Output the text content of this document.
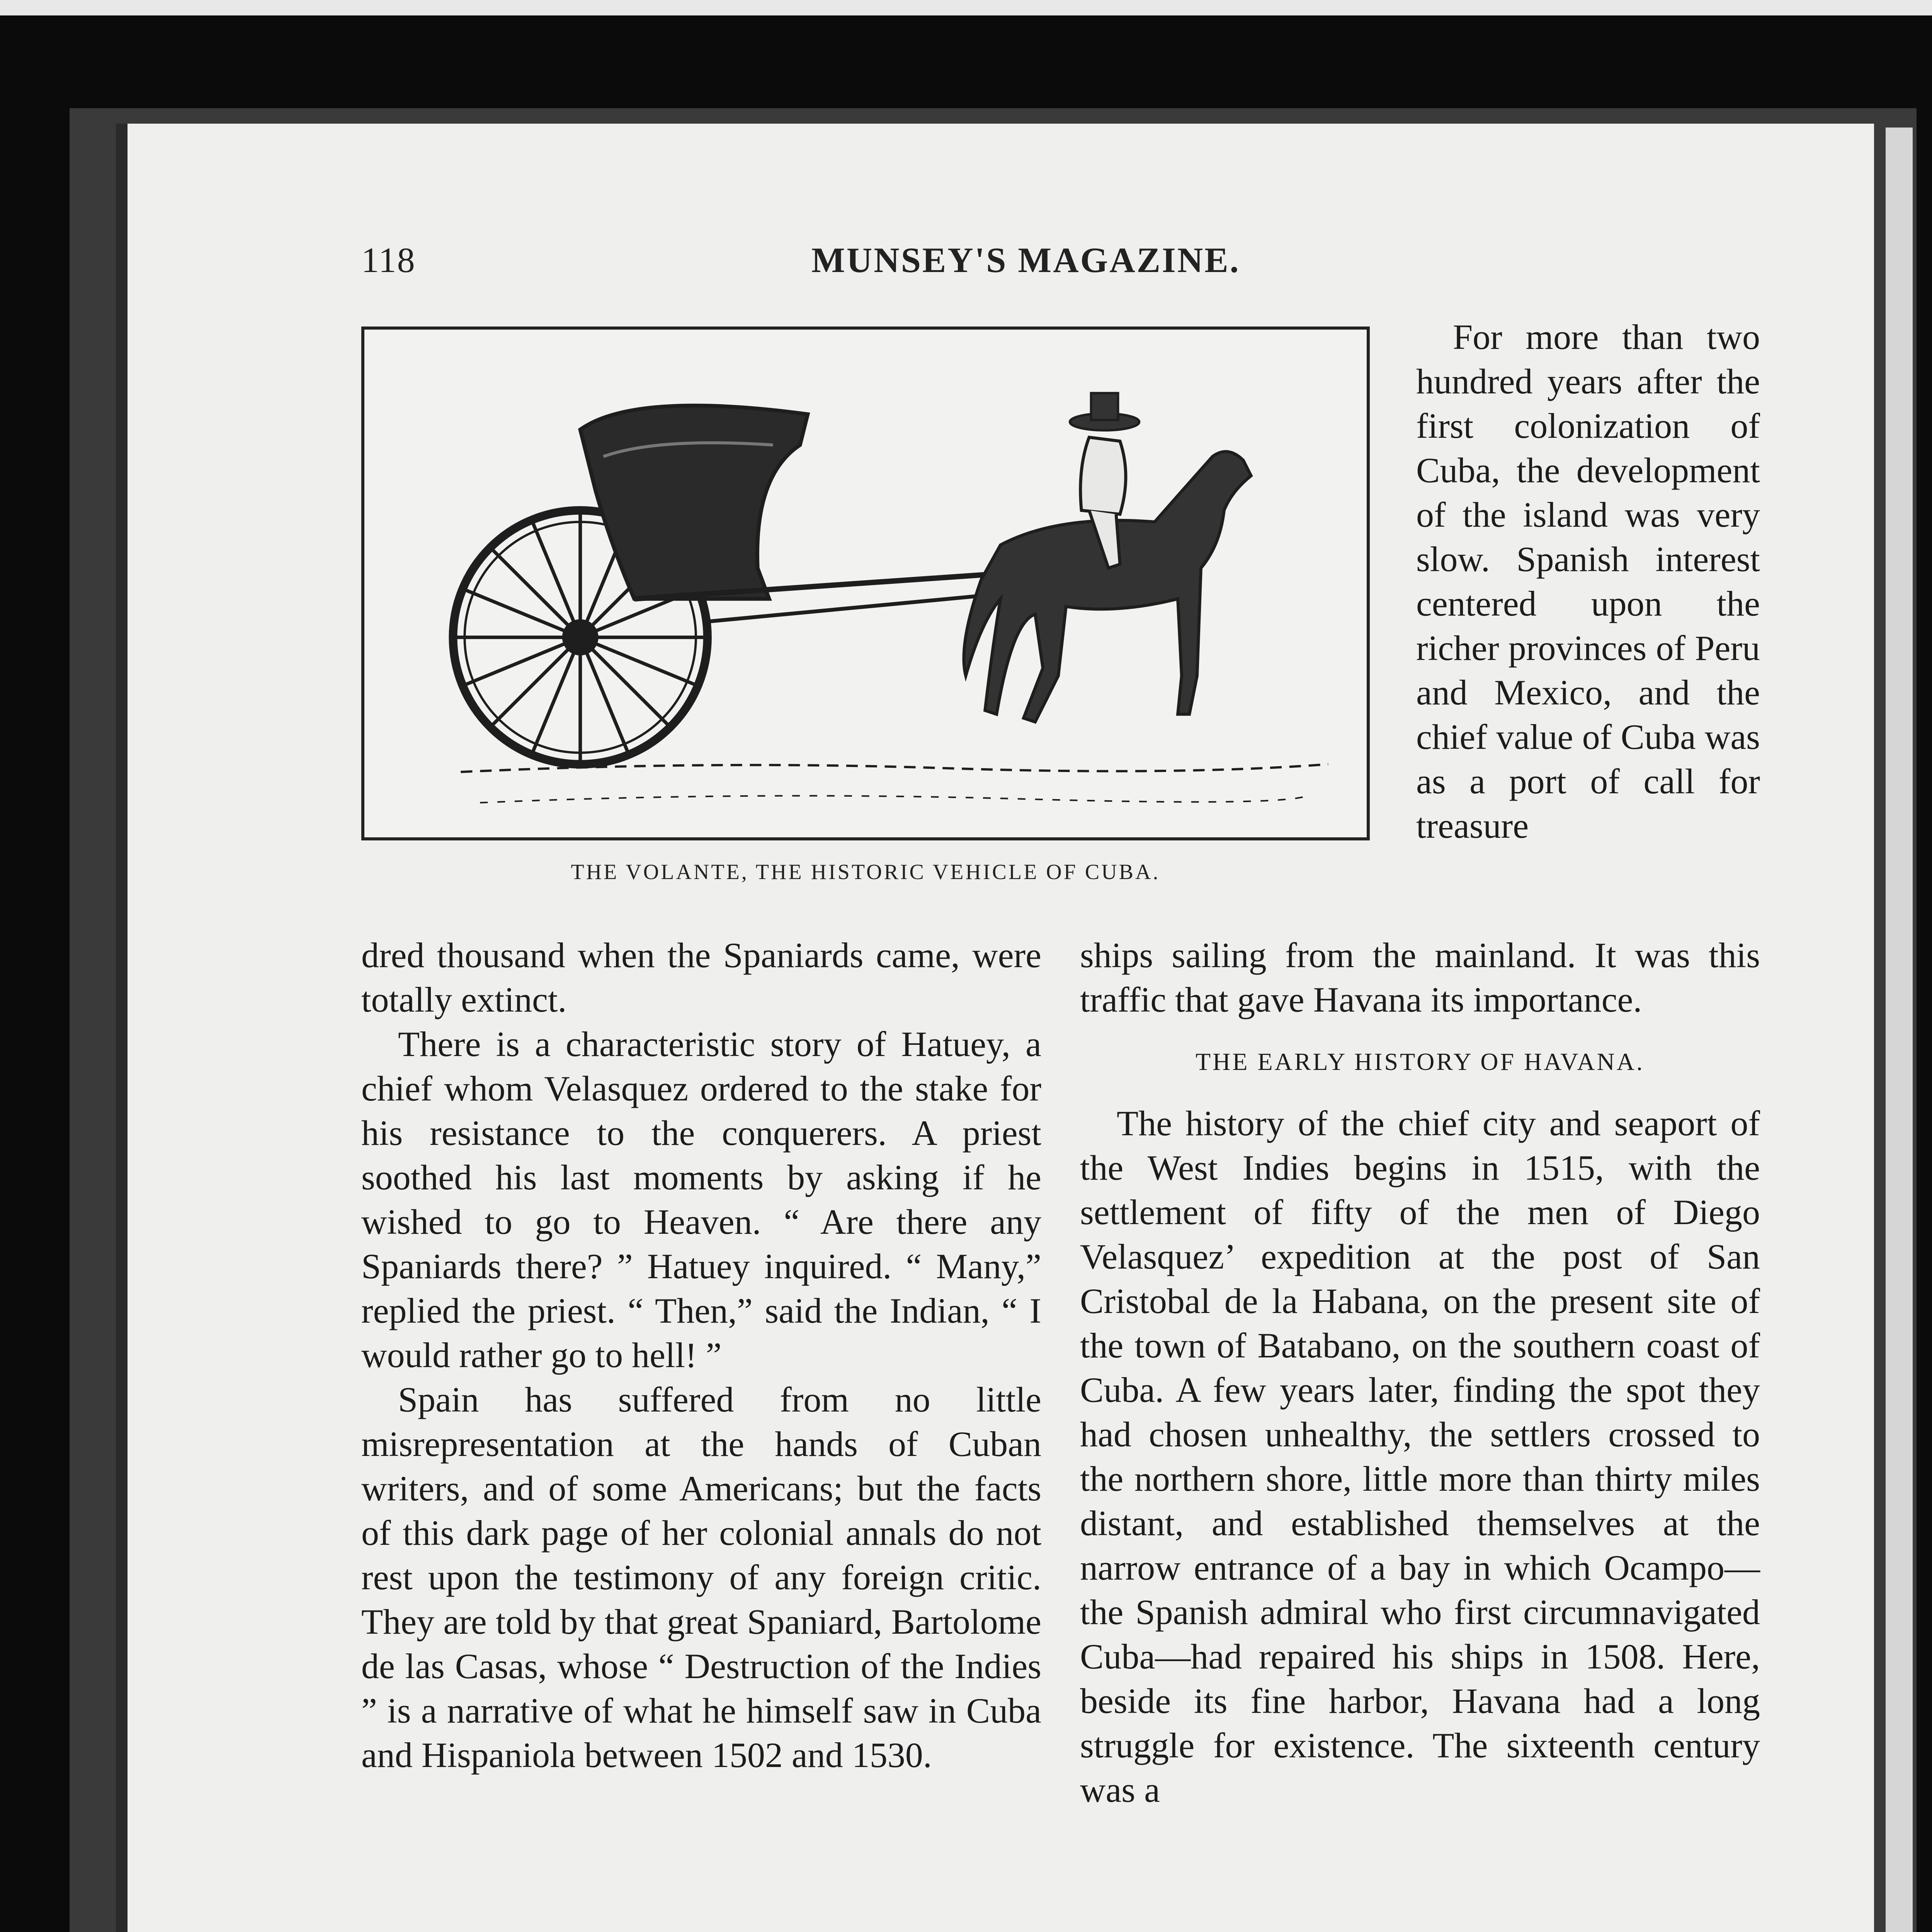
118	MUNSEY'S MAGAZINE.
THE VOLANTE, THE HISTORIC VEHICLE OF CUBA.

For more than two hundred years after the first colonization of Cuba, the development of the island was very slow. Spanish interest centered upon the richer provinces of Peru and Mexico, and the chief value of Cuba was as a port of call for treasure

dred thousand when the Spaniards came, were totally extinct.

There is a characteristic story of Hatuey, a chief whom Velasquez ordered to the stake for his resistance to the conquerers. A priest soothed his last moments by asking if he wished to go to Heaven. “ Are there any Spaniards there? ” Hatuey inquired. “ Many,” replied the priest. “ Then,” said the Indian, “ I would rather go to hell! ”

Spain has suffered from no little misrepresentation at the hands of Cuban writers, and of some Americans; but the facts of this dark page of her colonial annals do not rest upon the testimony of any foreign critic. They are told by that great Spaniard, Bartolome de las Casas, whose “ Destruction of the Indies ” is a narrative of what he himself saw in Cuba and Hispaniola between 1502 and 1530.

ships sailing from the mainland. It was this traffic that gave Havana its importance.

THE EARLY HISTORY OF HAVANA.

The history of the chief city and seaport of the West Indies begins in 1515, with the settlement of fifty of the men of Diego Velasquez’ expedition at the post of San Cristobal de la Habana, on the present site of the town of Batabano, on the southern coast of Cuba. A few years later, finding the spot they had chosen unhealthy, the settlers crossed to the northern shore, little more than thirty miles distant, and established themselves at the narrow entrance of a bay in which Ocampo—the Spanish admiral who first circumnavigated Cuba—had repaired his ships in 1508. Here, beside its fine harbor, Havana had a long struggle for existence. The sixteenth century was a
